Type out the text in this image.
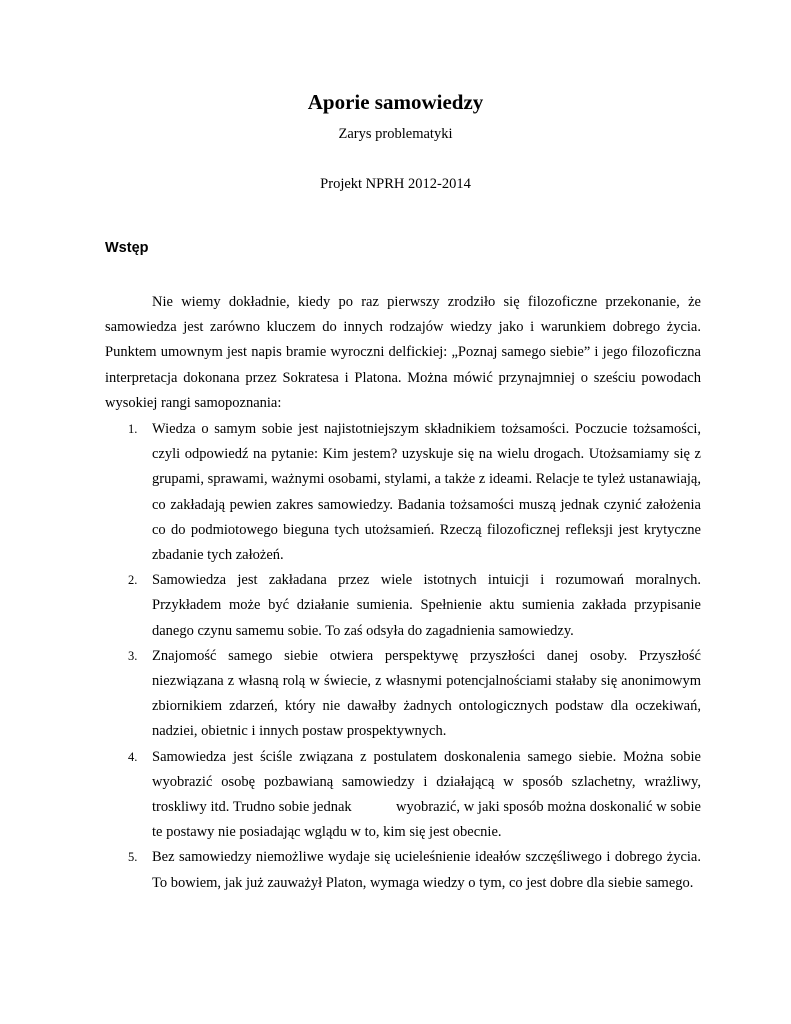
Aporie samowiedzy

Zarys problematyki

Projekt NPRH 2012-2014

Wstęp

Nie wiemy dokładnie, kiedy po raz pierwszy zrodziło się filozoficzne przekonanie, że samowiedza jest zarówno kluczem do innych rodzajów wiedzy jako i warunkiem dobrego życia. Punktem umownym jest napis bramie wyroczni delfickiej: „Poznaj samego siebie” i jego filozoficzna interpretacja dokonana przez Sokratesa i Platona. Można mówić przynajmniej o sześciu powodach wysokiej rangi samopoznania:

1. Wiedza o samym sobie jest najistotniejszym składnikiem tożsamości. Poczucie tożsamości, czyli odpowiedź na pytanie: Kim jestem? uzyskuje się na wielu drogach. Utożsamiamy się z grupami, sprawami, ważnymi osobami, stylami, a także z ideami. Relacje te tyleż ustanawiają, co zakładają pewien zakres samowiedzy. Badania tożsamości muszą jednak czynić założenia co do podmiotowego bieguna tych utożsamień. Rzeczą filozoficznej refleksji jest krytyczne zbadanie tych założeń.
2. Samowiedza jest zakładana przez wiele istotnych intuicji i rozumowań moralnych. Przykładem może być działanie sumienia. Spełnienie aktu sumienia zakłada przypisanie danego czynu samemu sobie. To zaś odsyła do zagadnienia samowiedzy.
3. Znajomość samego siebie otwiera perspektywę przyszłości danej osoby. Przyszłość niezwiązana z własną rolą w świecie, z własnymi potencjalnościami stałaby się anonimowym zbiornikiem zdarzeń, który nie dawałby żadnych ontologicznych podstaw dla oczekiwań, nadziei, obietnic i innych postaw prospektywnych.
4. Samowiedza jest ściśle związana z postulatem doskonalenia samego siebie. Można sobie wyobrazić osobę pozbawianą samowiedzy i działającą w sposób szlachetny, wrażliwy, troskliwy itd. Trudno sobie jednak            wyobrazić, w jaki sposób można doskonalić w sobie te postawy nie posiadając wglądu w to, kim się jest obecnie.
5. Bez samowiedzy niemożliwe wydaje się ucieleśnienie ideałów szczęśliwego i dobrego życia. To bowiem, jak już zauważył Platon, wymaga wiedzy o tym, co jest dobre dla siebie samego.
